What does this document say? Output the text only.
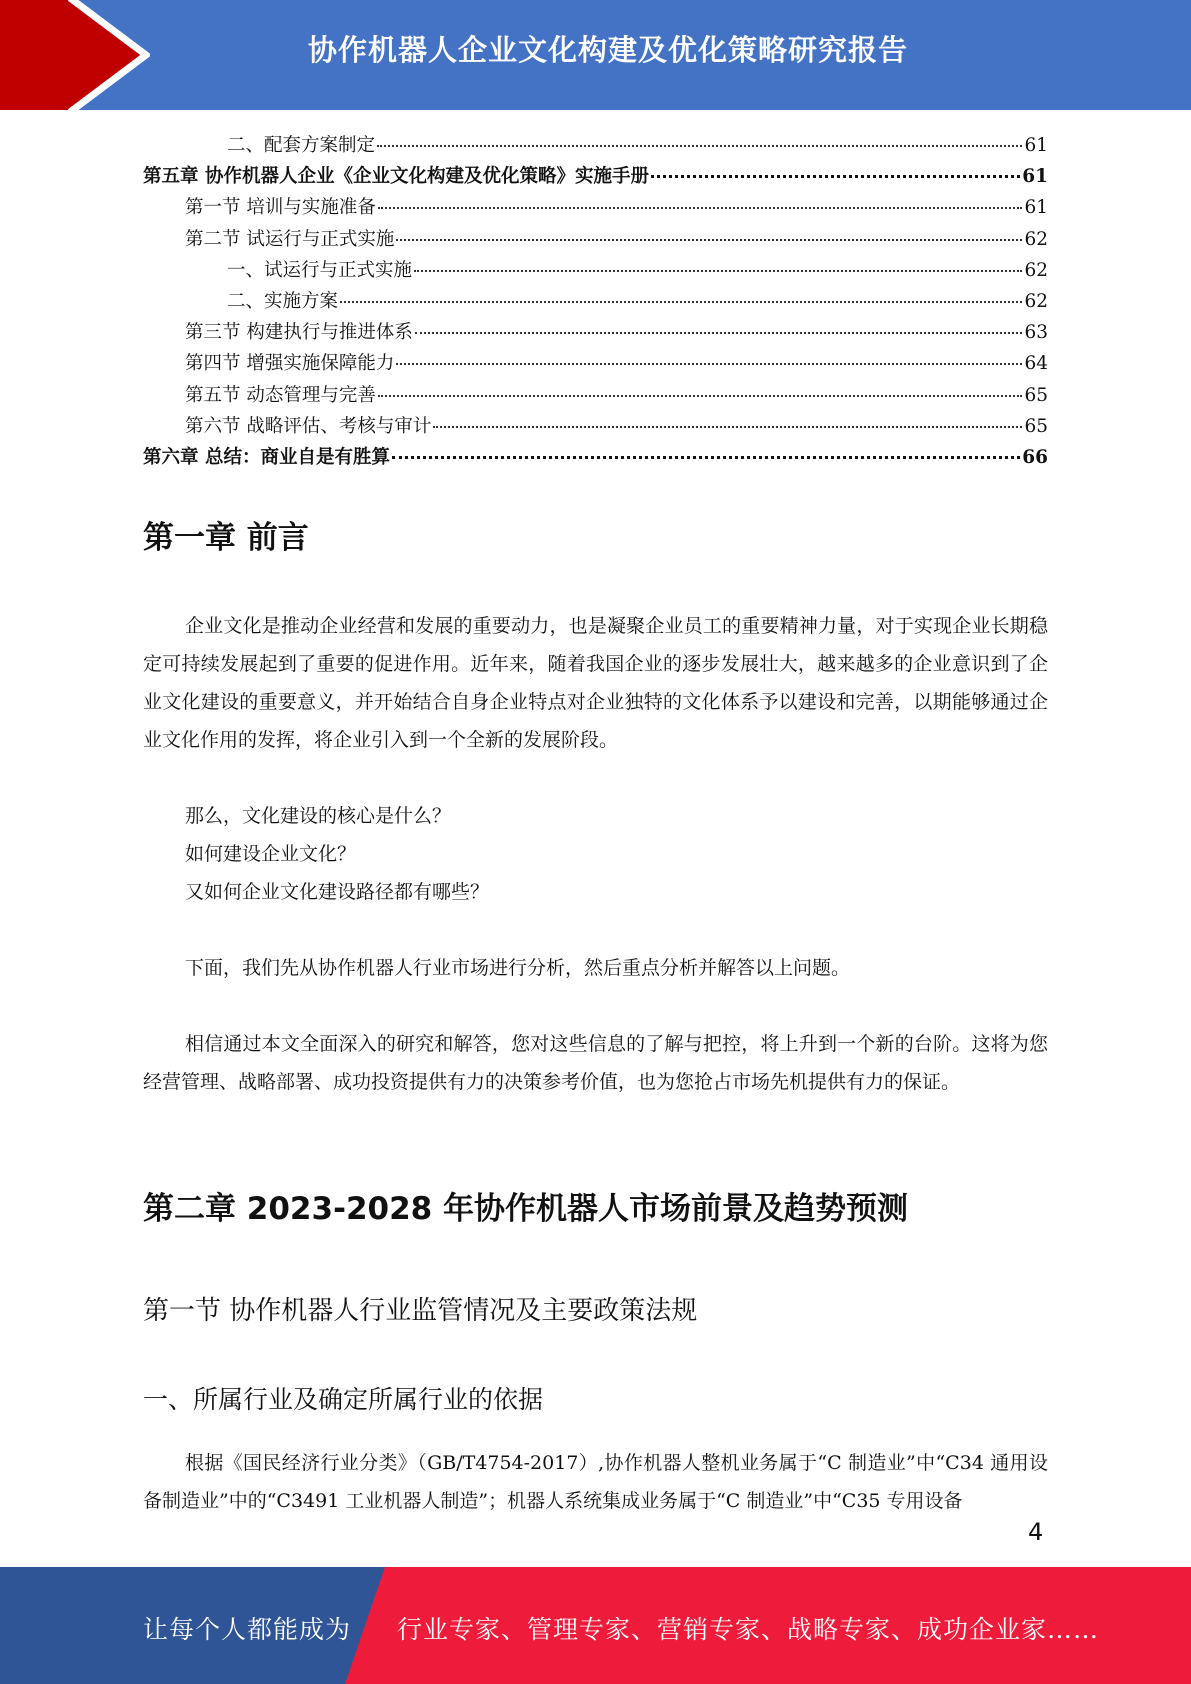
协作机器人企业文化构建及优化策略研究报告
二、配套方案制定	61
第五章 协作机器人企业《企业文化构建及优化策略》实施手册	61
第一节 培训与实施准备	61
第二节 试运行与正式实施	62
一、试运行与正式实施	62
二、实施方案	62
第三节 构建执行与推进体系	63
第四节 增强实施保障能力	64
第五节 动态管理与完善	65
第六节 战略评估、考核与审计	65
第六章 总结：商业自是有胜算	66
第一章 前言
企业文化是推动企业经营和发展的重要动力，也是凝聚企业员工的重要精神力量，对于实现企业长期稳定可持续发展起到了重要的促进作用。近年来，随着我国企业的逐步发展壮大，越来越多的企业意识到了企业文化建设的重要意义，并开始结合自身企业特点对企业独特的文化体系予以建设和完善，以期能够通过企业文化作用的发挥，将企业引入到一个全新的发展阶段。
那么，文化建设的核心是什么？
如何建设企业文化？
又如何企业文化建设路径都有哪些？
下面，我们先从协作机器人行业市场进行分析，然后重点分析并解答以上问题。
相信通过本文全面深入的研究和解答，您对这些信息的了解与把控，将上升到一个新的台阶。这将为您经营管理、战略部署、成功投资提供有力的决策参考价值，也为您抢占市场先机提供有力的保证。
第二章 2023-2028 年协作机器人市场前景及趋势预测
第一节 协作机器人行业监管情况及主要政策法规
一、所属行业及确定所属行业的依据
根据《国民经济行业分类》（GB/T4754-2017）,协作机器人整机业务属于“C 制造业”中“C34 通用设备制造业”中的“C3491 工业机器人制造”；机器人系统集成业务属于“C 制造业”中“C35 专用设备
4
让每个人都能成为 行业专家、管理专家、营销专家、战略专家、成功企业家……
